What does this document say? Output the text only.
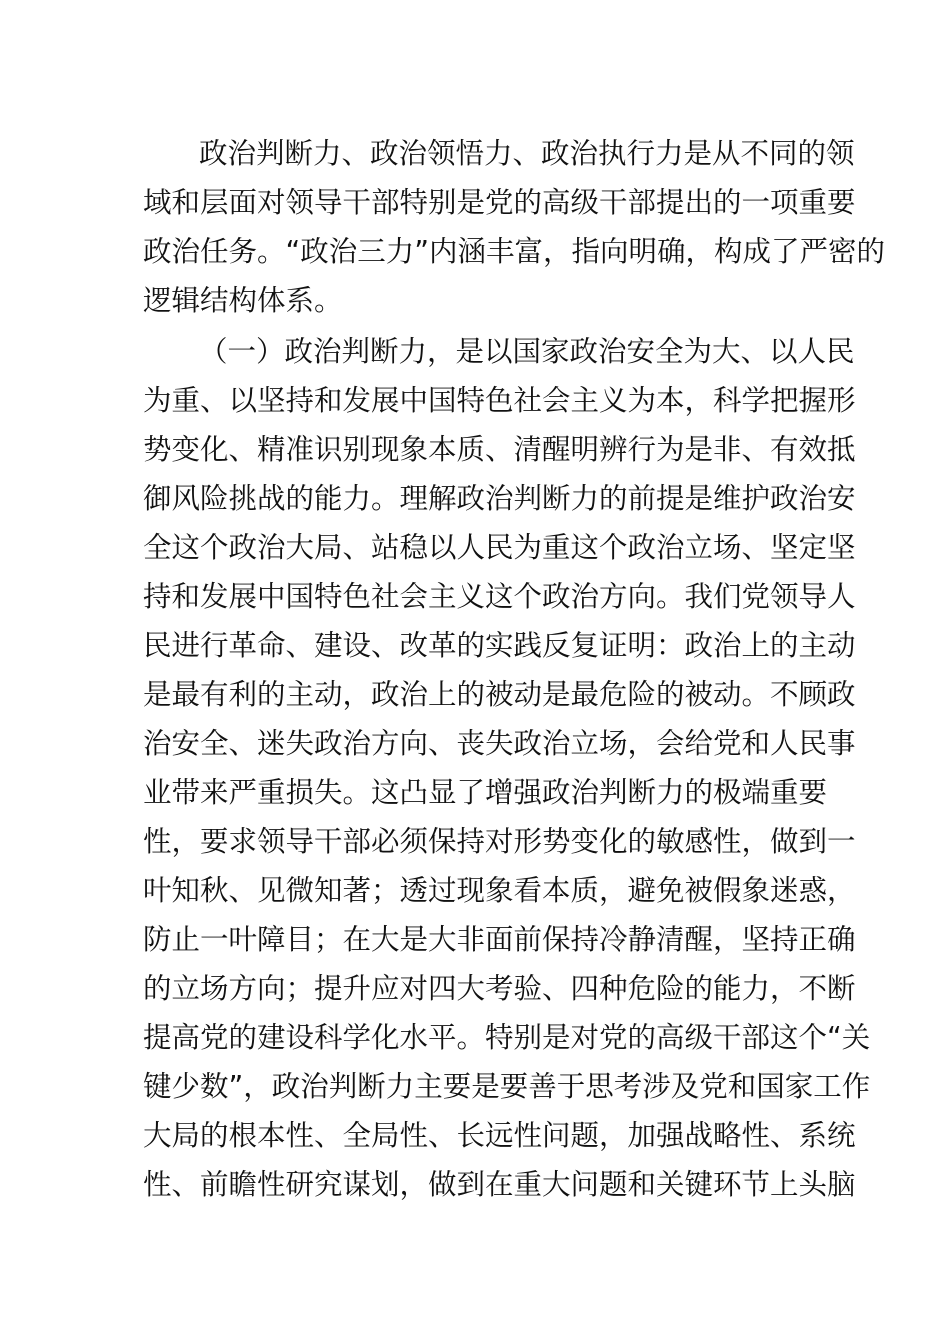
政治判断力、政治领悟力、政治执行力是从不同的领
域和层面对领导干部特别是党的高级干部提出的一项重要
政治任务。“政治三力”内涵丰富，指向明确，构成了严密的
逻辑结构体系。
（一）政治判断力，是以国家政治安全为大、以人民
为重、以坚持和发展中国特色社会主义为本，科学把握形
势变化、精准识别现象本质、清醒明辨行为是非、有效抵
御风险挑战的能力。理解政治判断力的前提是维护政治安
全这个政治大局、站稳以人民为重这个政治立场、坚定坚
持和发展中国特色社会主义这个政治方向。我们党领导人
民进行革命、建设、改革的实践反复证明：政治上的主动
是最有利的主动，政治上的被动是最危险的被动。不顾政
治安全、迷失政治方向、丧失政治立场，会给党和人民事
业带来严重损失。这凸显了增强政治判断力的极端重要
性，要求领导干部必须保持对形势变化的敏感性，做到一
叶知秋、见微知著；透过现象看本质，避免被假象迷惑，
防止一叶障目；在大是大非面前保持冷静清醒，坚持正确
的立场方向；提升应对四大考验、四种危险的能力，不断
提高党的建设科学化水平。特别是对党的高级干部这个“关
键少数”，政治判断力主要是要善于思考涉及党和国家工作
大局的根本性、全局性、长远性问题，加强战略性、系统
性、前瞻性研究谋划，做到在重大问题和关键环节上头脑
